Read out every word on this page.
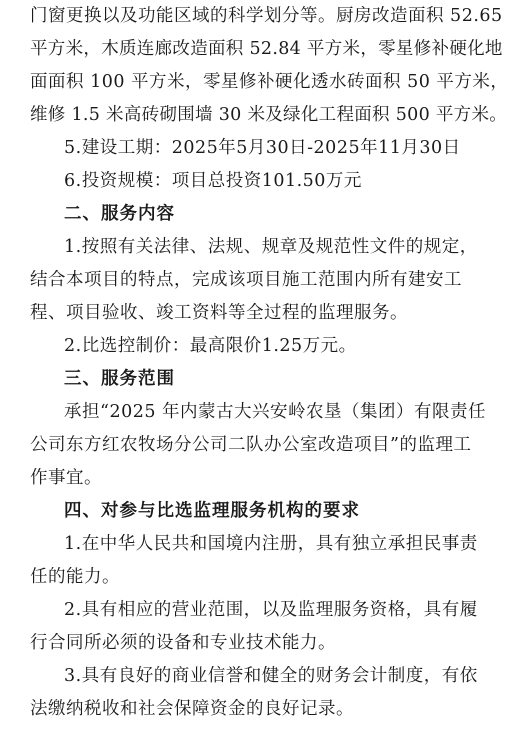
门窗更换以及功能区域的科学划分等。厨房改造面积 52.65
平方米，木质连廊改造面积 52.84 平方米，零星修补硬化地
面面积 100 平方米，零星修补硬化透水砖面积 50 平方米，
维修 1.5 米高砖砌围墙 30 米及绿化工程面积 500 平方米。
5.建设工期：2025年5月30日-2025年11月30日
6.投资规模：项目总投资101.50万元
二、服务内容
1.按照有关法律、法规、规章及规范性文件的规定，
结合本项目的特点，完成该项目施工范围内所有建安工
程、项目验收、竣工资料等全过程的监理服务。
2.比选控制价：最高限价1.25万元。
三、服务范围
承担“2025 年内蒙古大兴安岭农垦（集团）有限责任
公司东方红农牧场分公司二队办公室改造项目”的监理工
作事宜。
四、对参与比选监理服务机构的要求
1.在中华人民共和国境内注册，具有独立承担民事责
任的能力。
2.具有相应的营业范围，以及监理服务资格，具有履
行合同所必须的设备和专业技术能力。
3.具有良好的商业信誉和健全的财务会计制度，有依
法缴纳税收和社会保障资金的良好记录。
